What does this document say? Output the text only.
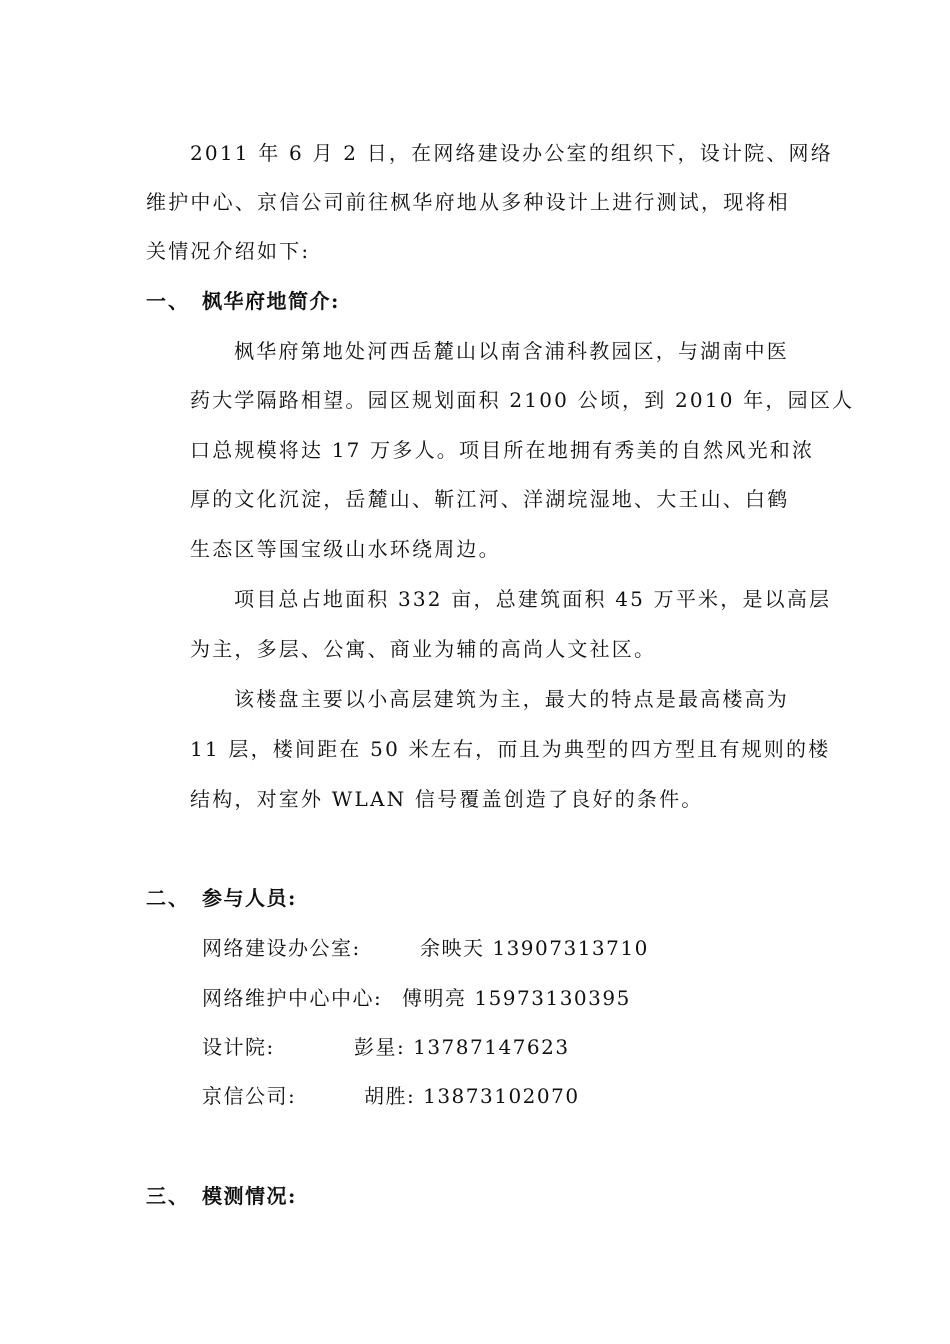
2011 年 6 月 2 日，在网络建设办公室的组织下，设计院、网络
维护中心、京信公司前往枫华府地从多种设计上进行测试，现将相
关情况介绍如下:
一、 枫华府地简介:
枫华府第地处河西岳麓山以南含浦科教园区，与湖南中医
药大学隔路相望。园区规划面积 2100 公顷，到 2010 年，园区人
口总规模将达 17 万多人。项目所在地拥有秀美的自然风光和浓
厚的文化沉淀，岳麓山、靳江河、洋湖垸湿地、大王山、白鹤
生态区等国宝级山水环绕周边。
项目总占地面积 332 亩，总建筑面积 45 万平米，是以高层
为主，多层、公寓、商业为辅的高尚人文社区。
该楼盘主要以小高层建筑为主，最大的特点是最高楼高为
11 层，楼间距在 50 米左右，而且为典型的四方型且有规则的楼
结构，对室外 WLAN 信号覆盖创造了良好的条件。
二、 参与人员:
网络建设办公室:	余映天 13907313710
网络维护中心中心: 傅明亮 15973130395
设计院:	彭星: 13787147623
京信公司:	胡胜: 13873102070
三、 模测情况:
